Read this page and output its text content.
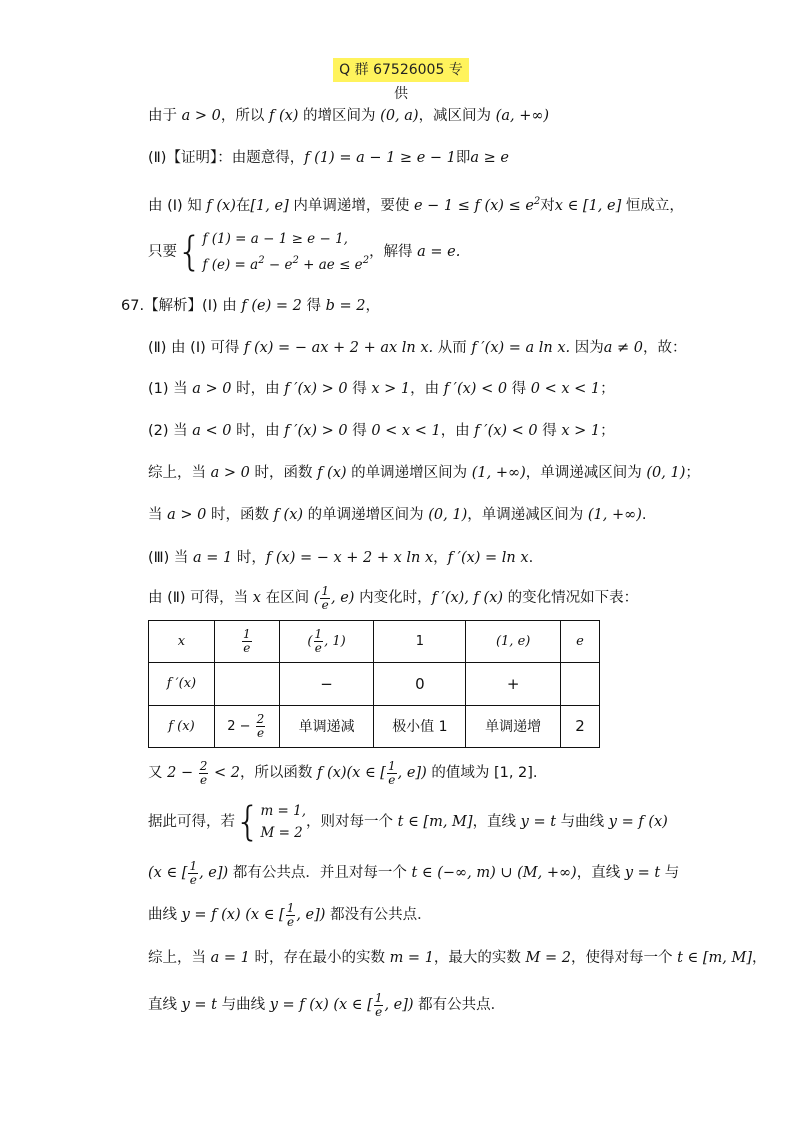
Q 群 67526005 专供
由于 a > 0，所以 f (x) 的增区间为 (0, a)，减区间为 (a, +∞)
(Ⅱ)【证明】：由题意得，f (1) = a − 1 ≥ e − 1即a ≥ e
由 (Ⅰ) 知 f (x)在[1, e] 内单调递增，要使 e − 1 ≤ f $(x) \le e^2$对x ∈ [1, e] 恒成立，
只要{ f (1) = a − 1 ≥ e − 1,
f $(e) = a^2 - e^2$ + ae ≤ $e^2$
，解得 a = e.
67.【解析】(Ⅰ) 由 f (e) = 2 得 b = 2，
(Ⅱ) 由 (Ⅰ) 可得 f (x) = − ax + 2 + ax ln x. 从而 f ′(x) = a ln x. 因为a ≠ 0，故：
(1) 当 a > 0 时，由 f ′(x) > 0 得 x > 1，由 f ′(x) < 0 得 0 < x < 1；
(2) 当 a < 0 时，由 f ′(x) > 0 得 0 < x < 1，由 f ′(x) < 0 得 x > 1；
综上，当 a > 0 时，函数 f (x) 的单调递增区间为 (1, +∞)，单调递减区间为 (0, 1)；
当 a > 0 时，函数 f (x) 的单调递增区间为 (0, 1)，单调递减区间为 (1, +∞).
(Ⅲ) 当 a = 1 时，f (x) = − x + 2 + x ln x，f ′(x) = ln x.
由 (Ⅱ) 可得，当 x 在区间 ( $\frac{1}{e}$ , e) 内变化时，f ′(x), f (x) 的变化情况如下表：
x	$\frac{1}{e}$	( $\frac{1}{e}$ , 1)	1	(1, e)	e
f ′(x)		−	0	+	
f (x)	$2 - \frac{2}{e}$	单调递减	极小值 1	单调递增	2
又 $2 - \frac{2}{e} < 2$，所以函数 f (x)(x ∈ [ $\frac{1}{e}$ , e]) 的值域为 [1, 2].
据此可得，若{ m = 1,
M = 2
，则对每一个 t ∈ [m, M]，直线 y = t 与曲线 y = f (x)
(x ∈ [ $\frac{1}{e}$ , e]) 都有公共点．并且对每一个 t ∈ (−∞, m) ∪ (M, +∞)，直线 y = t 与
曲线 y = f (x) (x ∈ [ $\frac{1}{e}$ , e]) 都没有公共点．
综上，当 a = 1 时，存在最小的实数 m = 1，最大的实数 M = 2，使得对每一个 t ∈ [m, M]，
直线 y = t 与曲线 y = f (x) (x ∈ [ $\frac{1}{e}$ , e]) 都有公共点．
